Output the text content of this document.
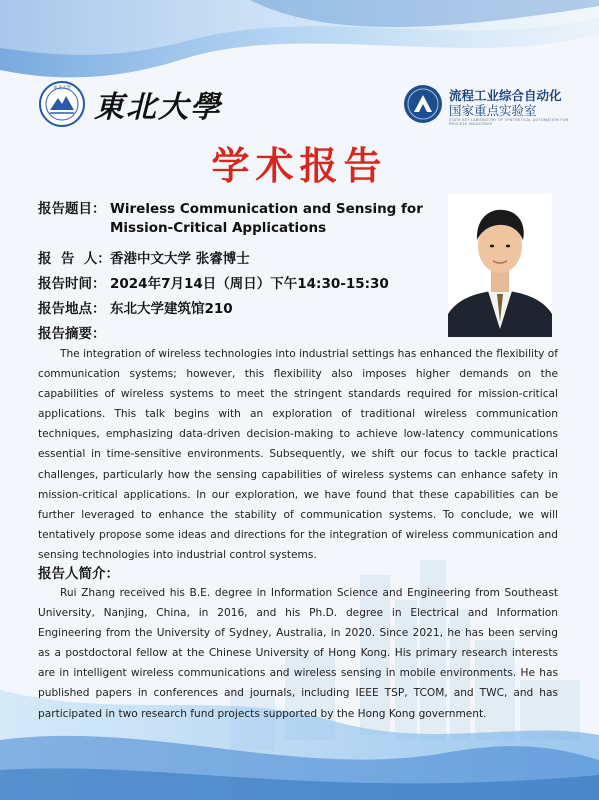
東北大學
東北大學	流程工业综合自动化
国家重点实验室
STATE KEY LABORATORY OF SYNTHETICAL AUTOMATION FOR PROCESS INDUSTRIES
学术报告
报告题目： Wireless Communication and Sensing for
Mission-Critical Applications
报  告  人：香港中文大学 张睿博士
报告时间： 2024年7月14日（周日）下午14:30-15:30
报告地点： 东北大学建筑馆210
报告摘要：
The integration of wireless technologies into industrial settings has enhanced the flexibility of communication systems; however, this flexibility also imposes higher demands on the capabilities of wireless systems to meet the stringent standards required for mission-critical applications. This talk begins with an exploration of traditional wireless communication techniques, emphasizing data-driven decision-making to achieve low-latency communications essential in time-sensitive environments. Subsequently, we shift our focus to tackle practical challenges, particularly how the sensing capabilities of wireless systems can enhance safety in mission-critical applications. In our exploration, we have found that these capabilities can be further leveraged to enhance the stability of communication systems. To conclude, we will tentatively propose some ideas and directions for the integration of wireless communication and sensing technologies into industrial control systems.
报告人简介：
Rui Zhang received his B.E. degree in Information Science and Engineering from Southeast University, Nanjing, China, in 2016, and his Ph.D. degree in Electrical and Information Engineering from the University of Sydney, Australia, in 2020. Since 2021, he has been serving as a postdoctoral fellow at the Chinese University of Hong Kong. His primary research interests are in intelligent wireless communications and wireless sensing in mobile environments. He has published papers in conferences and journals, including IEEE TSP, TCOM, and TWC, and has participated in two research fund projects supported by the Hong Kong government.
